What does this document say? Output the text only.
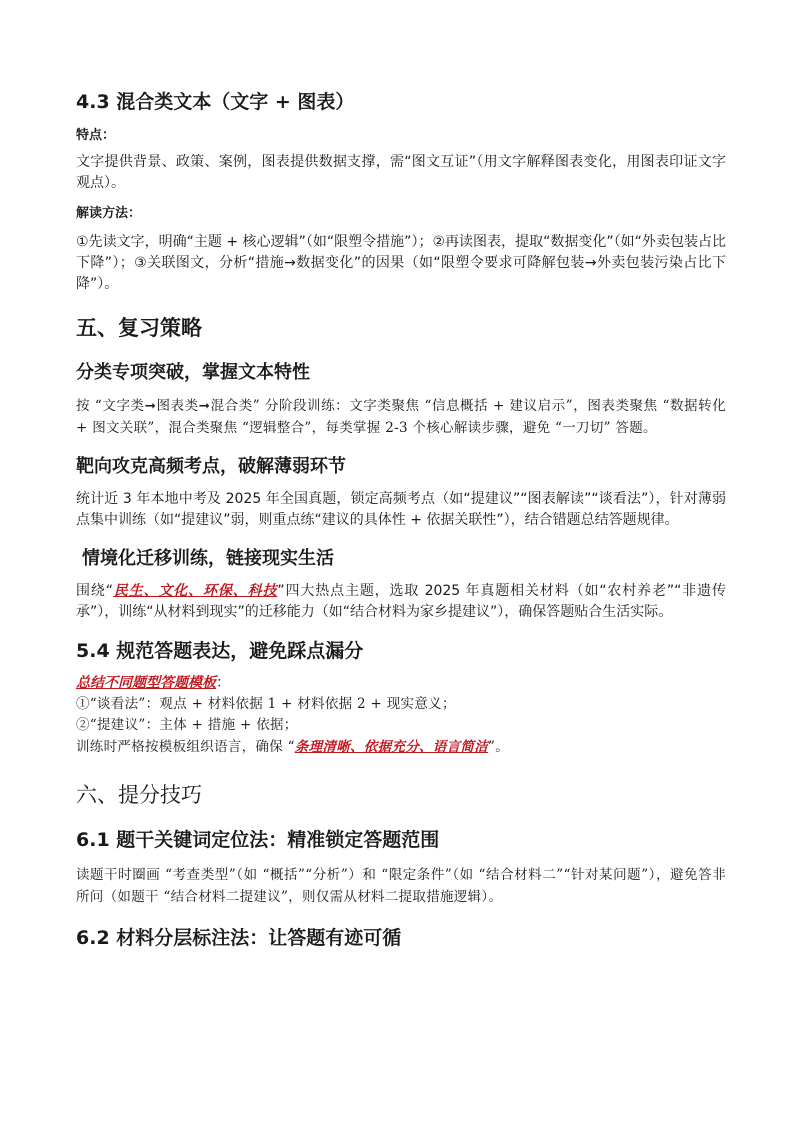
4.3 混合类文本（文字 + 图表）

特点：

文字提供背景、政策、案例，图表提供数据支撑，需“图文互证”（用文字解释图表变化，用图表印证文字观点）。

解读方法：

①先读文字，明确“主题 + 核心逻辑”（如“限塑令措施”）；②再读图表，提取“数据变化”（如“外卖包装占比下降”）；③关联图文，分析“措施→数据变化”的因果（如“限塑令要求可降解包装→外卖包装污染占比下降”）。

五、复习策略
分类专项突破，掌握文本特性

按 “文字类➞图表类➞混合类” 分阶段训练：文字类聚焦 “信息概括 + 建议启示”，图表类聚焦 “数据转化 + 图文关联”，混合类聚焦 “逻辑整合”，每类掌握 2-3 个核心解读步骤，避免 “一刀切” 答题。

靶向攻克高频考点，破解薄弱环节

统计近 3 年本地中考及 2025 年全国真题，锁定高频考点（如“提建议”“图表解读”“谈看法”），针对薄弱点集中训练（如“提建议”弱，则重点练“建议的具体性 + 依据关联性”），结合错题总结答题规律。

情境化迁移训练，链接现实生活

围绕“民生、文化、环保、科技”四大热点主题，选取 2025 年真题相关材料（如“农村养老”“非遗传承”），训练“从材料到现实”的迁移能力（如“结合材料为家乡提建议”），确保答题贴合生活实际。

5.4 规范答题表达，避免踩点漏分

总结不同题型答题模板：

①“谈看法”：观点 + 材料依据 1 + 材料依据 2 + 现实意义；

②“提建议”：主体 + 措施 + 依据；

训练时严格按模板组织语言，确保 “条理清晰、依据充分、语言简洁”。

六、提分技巧
6.1 题干关键词定位法：精准锁定答题范围

读题干时圈画 “考查类型”（如 “概括”“分析”）和 “限定条件”（如 “结合材料二”“针对某问题”），避免答非所问（如题干 “结合材料二提建议”，则仅需从材料二提取措施逻辑）。

6.2 材料分层标注法：让答题有迹可循
